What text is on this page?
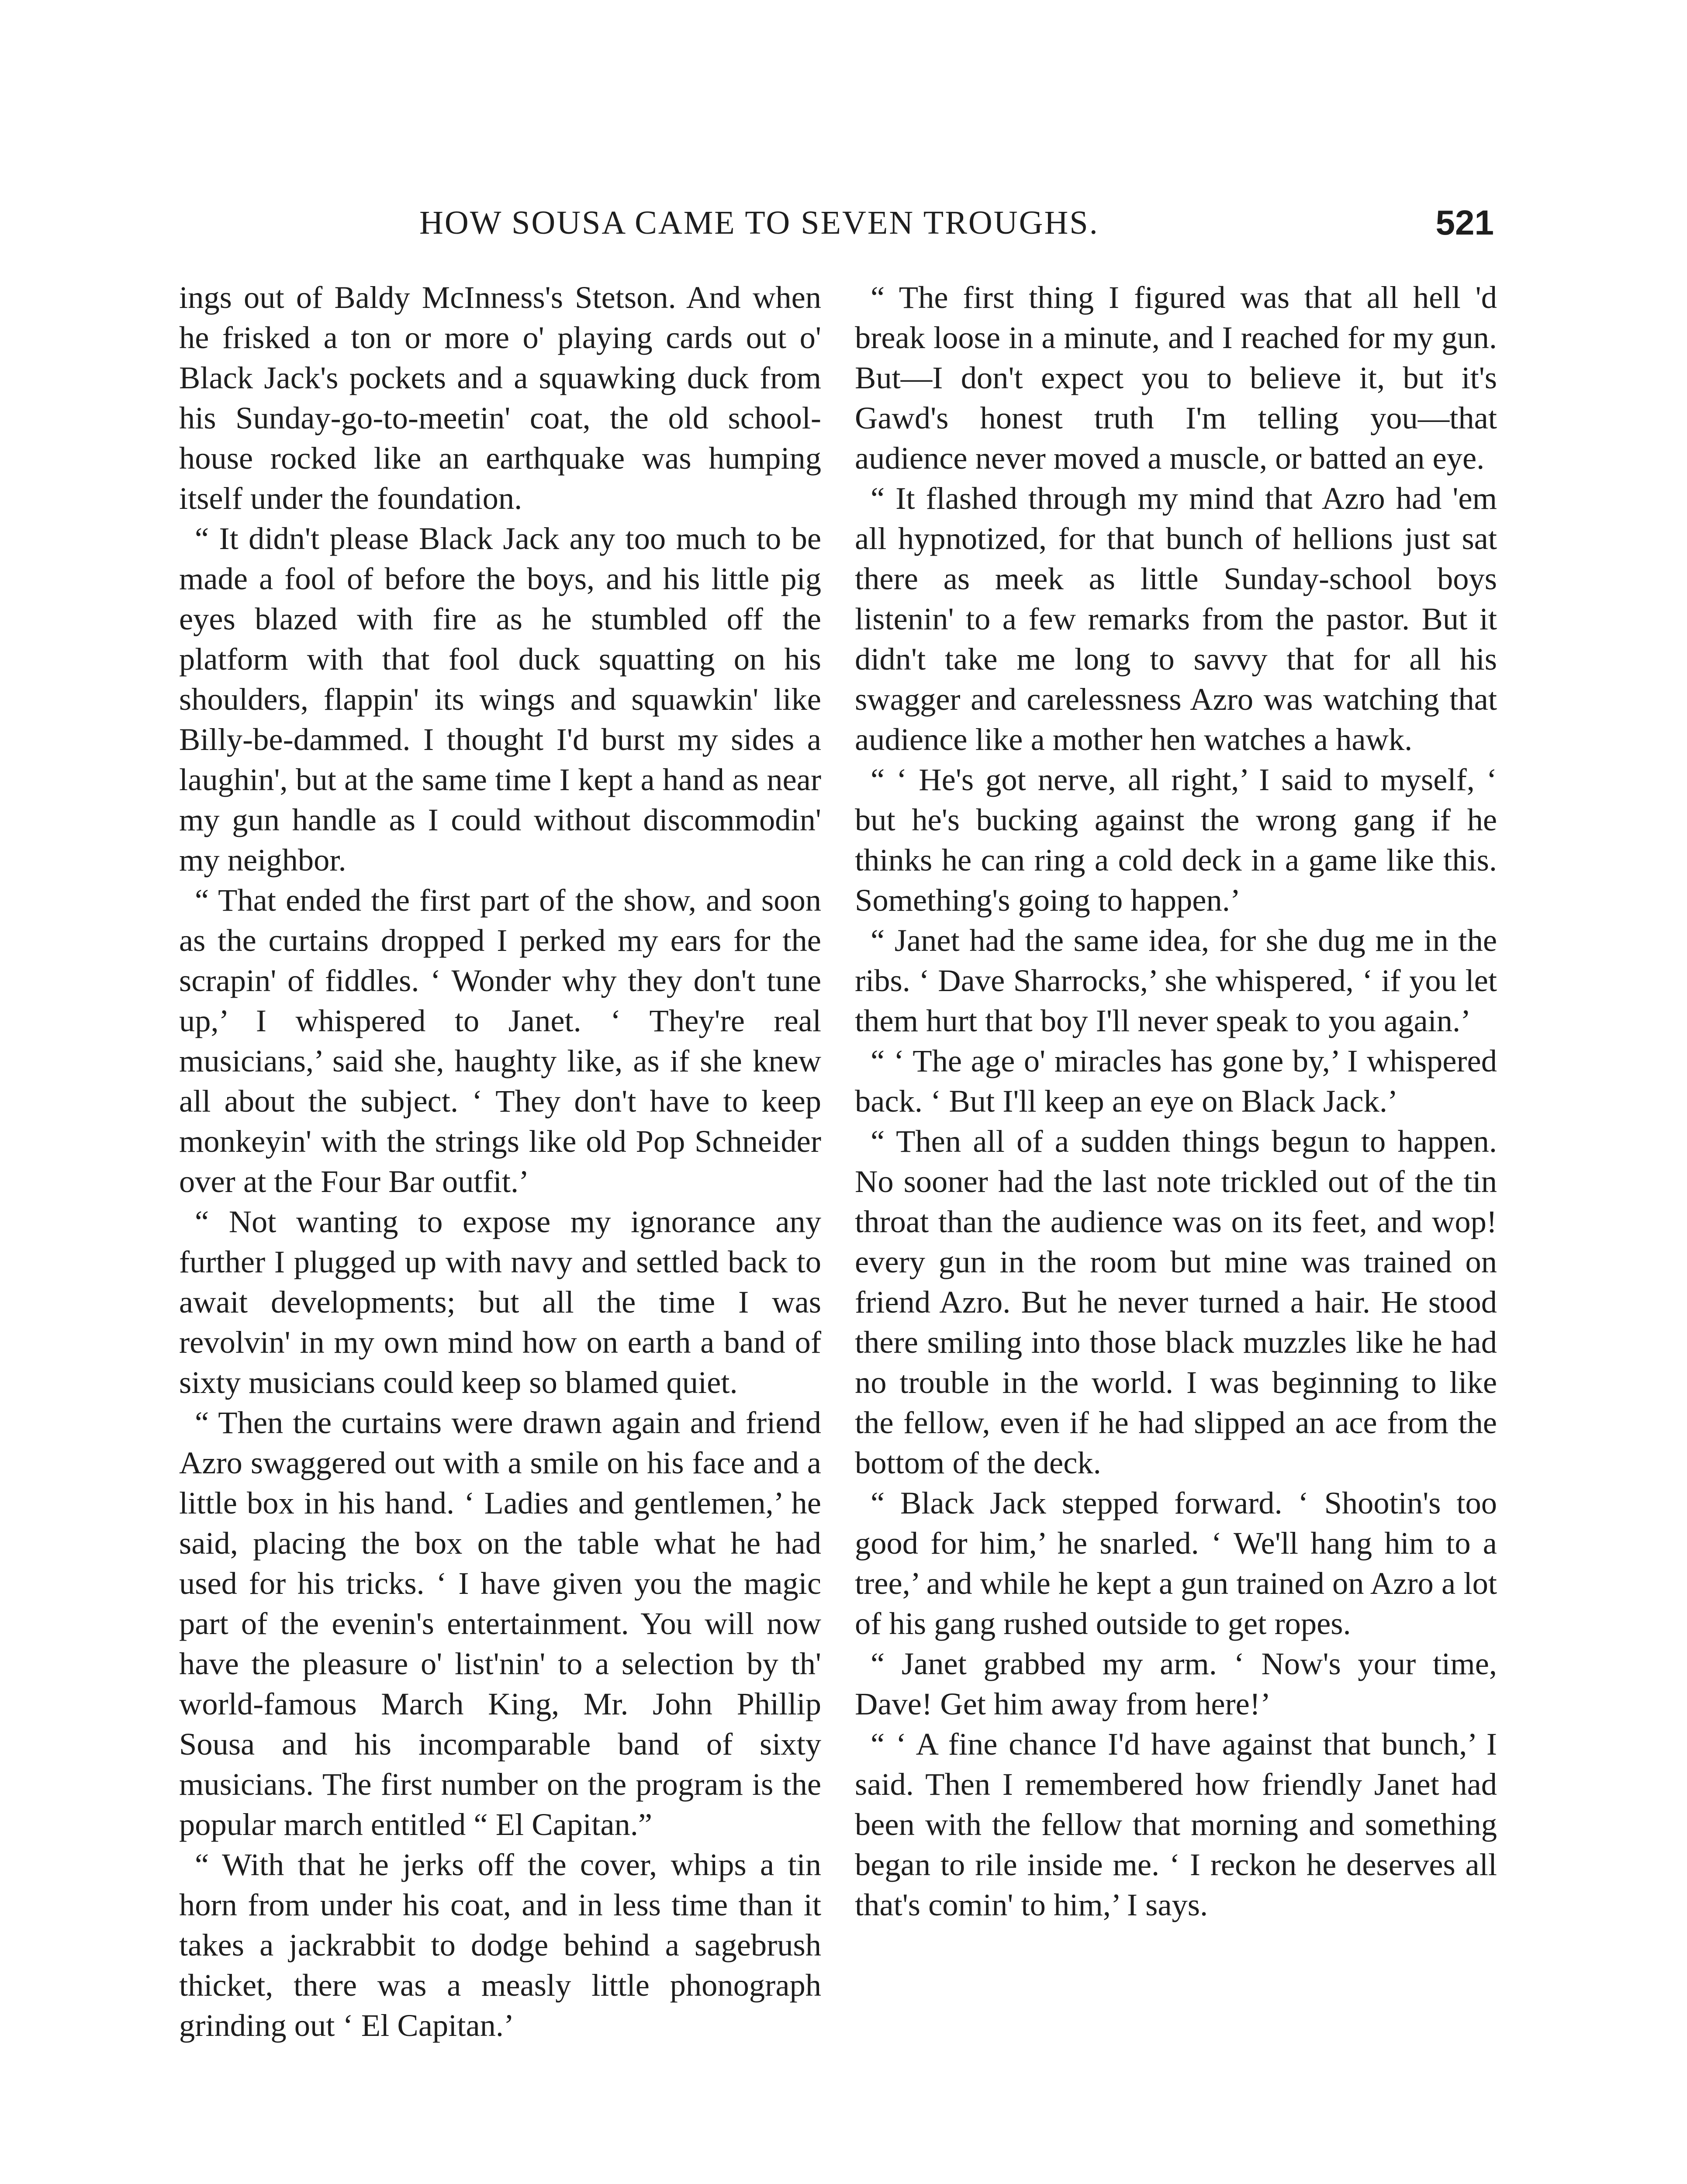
HOW SOUSA CAME TO SEVEN TROUGHS.	521

ings out of Baldy McInness's Stetson. And when he frisked a ton or more o' playing cards out o' Black Jack's pockets and a squawking duck from his Sunday-go-to-meetin' coat, the old school-house rocked like an earthquake was humping itself under the foundation.

“ It didn't please Black Jack any too much to be made a fool of before the boys, and his little pig eyes blazed with fire as he stumbled off the platform with that fool duck squatting on his shoulders, flappin' its wings and squawkin' like Billy-be-dammed. I thought I'd burst my sides a laughin', but at the same time I kept a hand as near my gun handle as I could without discommodin' my neighbor.

“ That ended the first part of the show, and soon as the curtains dropped I perked my ears for the scrapin' of fiddles. ‘ Wonder why they don't tune up,’ I whispered to Janet. ‘ They're real musicians,’ said she, haughty like, as if she knew all about the subject. ‘ They don't have to keep monkeyin' with the strings like old Pop Schneider over at the Four Bar outfit.’

“ Not wanting to expose my ignorance any further I plugged up with navy and settled back to await developments; but all the time I was revolvin' in my own mind how on earth a band of sixty musicians could keep so blamed quiet.

“ Then the curtains were drawn again and friend Azro swaggered out with a smile on his face and a little box in his hand. ‘ Ladies and gentlemen,’ he said, placing the box on the table what he had used for his tricks. ‘ I have given you the magic part of the evenin's entertainment. You will now have the pleasure o' list'nin' to a selection by th' world-famous March King, Mr. John Phillip Sousa and his incomparable band of sixty musicians. The first number on the program is the popular march entitled “ El Capitan.”

“ With that he jerks off the cover, whips a tin horn from under his coat, and in less time than it takes a jackrabbit to dodge behind a sagebrush thicket, there was a measly little phonograph grinding out ‘ El Capitan.’

“ The first thing I figured was that all hell 'd break loose in a minute, and I reached for my gun. But—I don't expect you to believe it, but it's Gawd's honest truth I'm telling you—that audience never moved a muscle, or batted an eye.

“ It flashed through my mind that Azro had 'em all hypnotized, for that bunch of hellions just sat there as meek as little Sunday-school boys listenin' to a few remarks from the pastor. But it didn't take me long to savvy that for all his swagger and carelessness Azro was watching that audience like a mother hen watches a hawk.

“ ‘ He's got nerve, all right,’ I said to myself, ‘ but he's bucking against the wrong gang if he thinks he can ring a cold deck in a game like this. Something's going to happen.’

“ Janet had the same idea, for she dug me in the ribs. ‘ Dave Sharrocks,’ she whispered, ‘ if you let them hurt that boy I'll never speak to you again.’

“ ‘ The age o' miracles has gone by,’ I whispered back. ‘ But I'll keep an eye on Black Jack.’

“ Then all of a sudden things begun to happen. No sooner had the last note trickled out of the tin throat than the audience was on its feet, and wop! every gun in the room but mine was trained on friend Azro. But he never turned a hair. He stood there smiling into those black muzzles like he had no trouble in the world. I was beginning to like the fellow, even if he had slipped an ace from the bottom of the deck.

“ Black Jack stepped forward. ‘ Shootin's too good for him,’ he snarled. ‘ We'll hang him to a tree,’ and while he kept a gun trained on Azro a lot of his gang rushed outside to get ropes.

“ Janet grabbed my arm. ‘ Now's your time, Dave! Get him away from here!’

“ ‘ A fine chance I'd have against that bunch,’ I said. Then I remembered how friendly Janet had been with the fellow that morning and something began to rile inside me. ‘ I reckon he deserves all that's comin' to him,’ I says.
